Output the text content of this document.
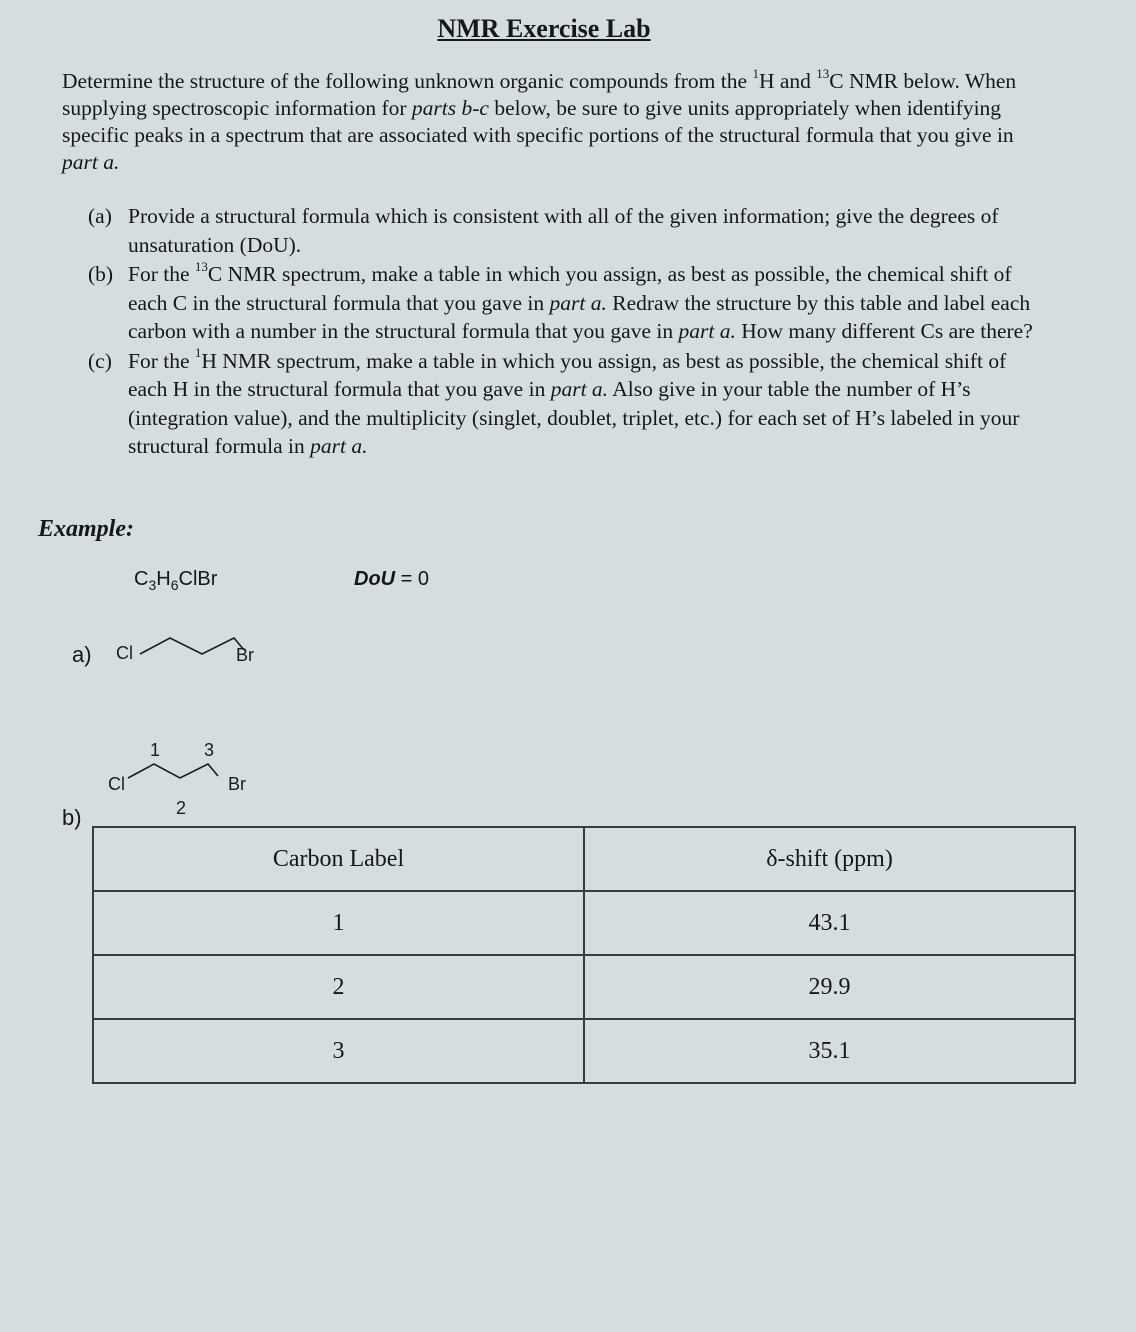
NMR Exercise Lab
Determine the structure of the following unknown organic compounds from the $^1$H and $^{13}$C NMR below. When supplying spectroscopic information for parts b-c below, be sure to give units appropriately when identifying specific peaks in a spectrum that are associated with specific portions of the structural formula that you give in part a.
(a) Provide a structural formula which is consistent with all of the given information; give the degrees of unsaturation (DoU).
(b) For the $^{13}$C NMR spectrum, make a table in which you assign, as best as possible, the chemical shift of each C in the structural formula that you gave in part a. Redraw the structure by this table and label each carbon with a number in the structural formula that you gave in part a. How many different Cs are there?
(c) For the $^1$H NMR spectrum, make a table in which you assign, as best as possible, the chemical shift of each H in the structural formula that you gave in part a. Also give in your table the number of H’s (integration value), and the multiplicity (singlet, doublet, triplet, etc.) for each set of H’s labeled in your structural formula in part a.
Example:
$C_3H_6ClBr$	DoU = 0
a) Cl	Br
b)
Cl	Br
1
2
3
Carbon Label	δ-shift (ppm)
1	43.1
2	29.9
3	35.1
